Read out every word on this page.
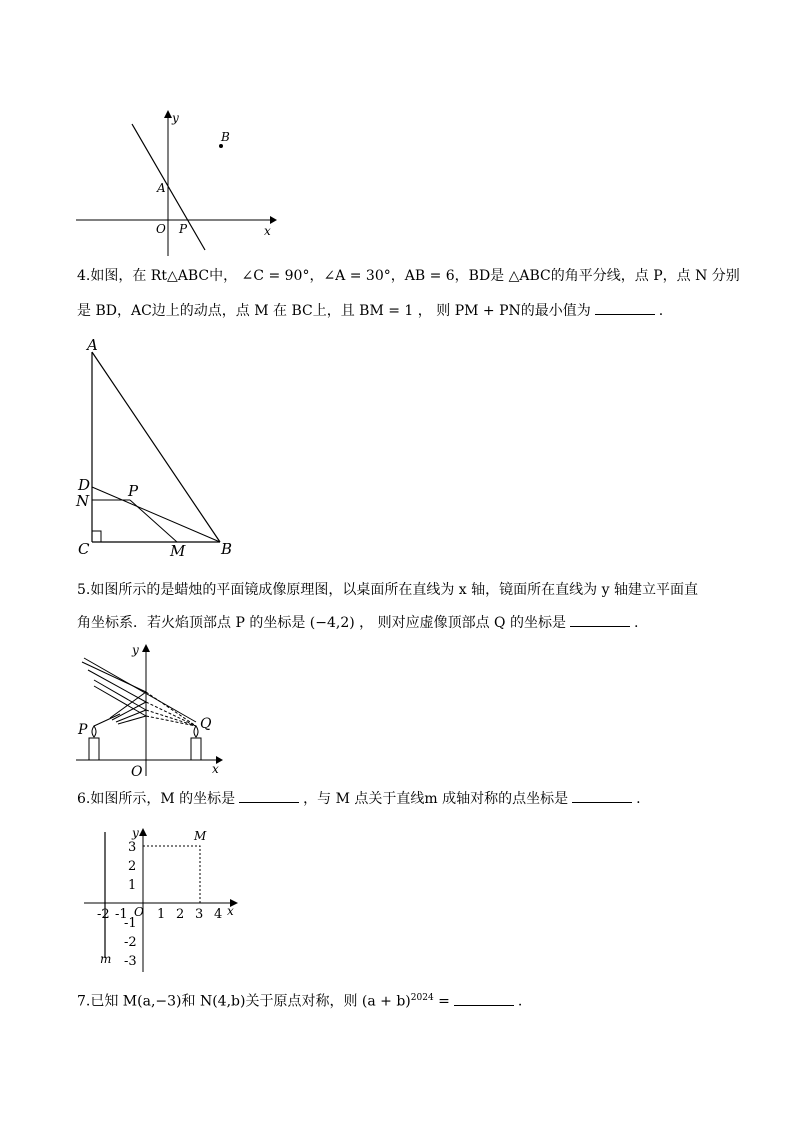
y
x
B
A
O P
4.如图，在 Rt△ABC中， ∠C = 90°，∠A = 30°，AB = 6，BD是 △ABC的角平分线，点 P，点 N 分别
是 BD，AC边上的动点，点 M 在 BC上，且 BM = 1 ， 则 PM + PN的最小值为	.
A
D
N
P
C	M B
5.如图所示的是蜡烛的平面镜成像原理图，以桌面所在直线为 x 轴，镜面所在直线为 y 轴建立平面直
角坐标系．若火焰顶部点 P 的坐标是 (−4,2) ， 则对应虚像顶部点 Q 的坐标是	.
y
x
P	Q
O
6.如图所示，M 的坐标是	，与 M 点关于直线m 成轴对称的点坐标是	.
-2 -1 1 2 3 4
3
2
1
-1
-2
-3
y
x
M
m
O
7.已知 M(a,−3)和 N(4,b)关于原点对称，则 $(a + b)^{2024}$ =	.
